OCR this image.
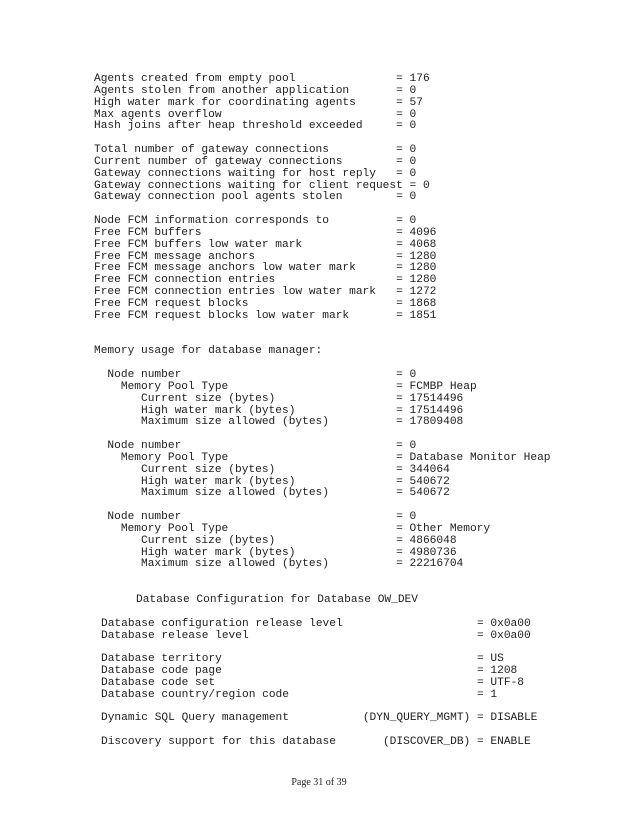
Agents created from empty pool               = 176
Agents stolen from another application       = 0
High water mark for coordinating agents      = 57
Max agents overflow                          = 0
Hash joins after heap threshold exceeded     = 0
Total number of gateway connections          = 0
Current number of gateway connections        = 0
Gateway connections waiting for host reply   = 0
Gateway connections waiting for client request = 0
Gateway connection pool agents stolen        = 0
Node FCM information corresponds to          = 0
Free FCM buffers                             = 4096
Free FCM buffers low water mark              = 4068
Free FCM message anchors                     = 1280
Free FCM message anchors low water mark      = 1280
Free FCM connection entries                  = 1280
Free FCM connection entries low water mark   = 1272
Free FCM request blocks                      = 1868
Free FCM request blocks low water mark       = 1851
Memory usage for database manager:
Node number                                = 0
Memory Pool Type                         = FCMBP Heap
Current size (bytes)                  = 17514496
High water mark (bytes)               = 17514496
Maximum size allowed (bytes)          = 17809408
Node number                                = 0
Memory Pool Type                         = Database Monitor Heap
Current size (bytes)                  = 344064
High water mark (bytes)               = 540672
Maximum size allowed (bytes)          = 540672
Node number                                = 0
Memory Pool Type                         = Other Memory
Current size (bytes)                  = 4866048
High water mark (bytes)               = 4980736
Maximum size allowed (bytes)          = 22216704
Database Configuration for Database OW_DEV
Database configuration release level                    = 0x0a00
Database release level                                  = 0x0a00
Database territory                                      = US
Database code page                                      = 1208
Database code set                                       = UTF-8
Database country/region code                            = 1
Dynamic SQL Query management           (DYN_QUERY_MGMT) = DISABLE
Discovery support for this database       (DISCOVER_DB) = ENABLE
Page 31 of 39
